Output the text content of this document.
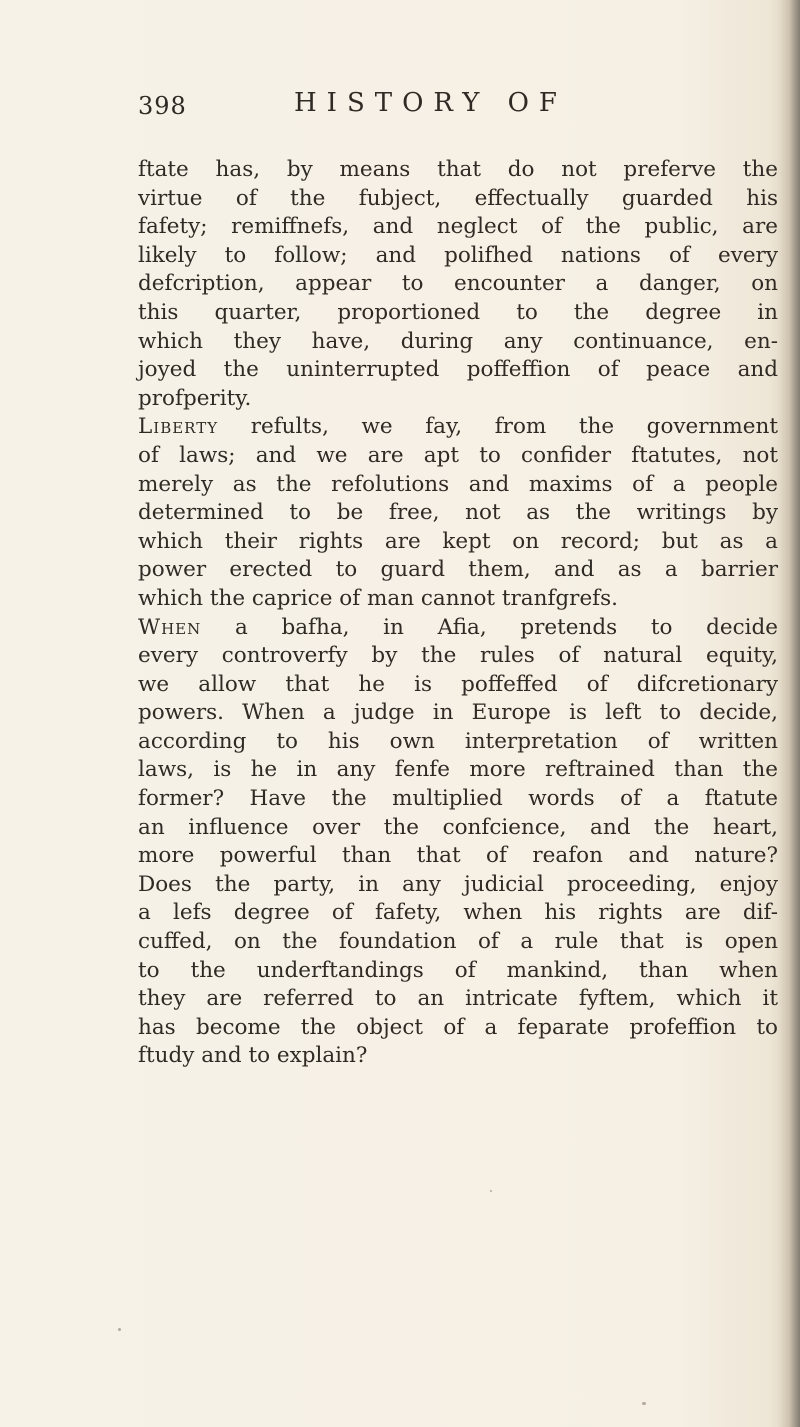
398	HISTORY OF
ftate has, by means that do not preferve the
virtue of the fubject, effectually guarded his
fafety; remiffnefs, and neglect of the public, are
likely to follow; and polifhed nations of every
defcription, appear to encounter a danger, on
this quarter, proportioned to the degree in
which they have, during any continuance, en-
joyed the uninterrupted poffeffion of peace and
profperity.
Liberty refults, we fay, from the government
of laws; and we are apt to confider ftatutes, not
merely as the refolutions and maxims of a people
determined to be free, not as the writings by
which their rights are kept on record; but as a
power erected to guard them, and as a barrier
which the caprice of man cannot tranfgrefs.
When a bafha, in Afia, pretends to decide
every controverfy by the rules of natural equity,
we allow that he is poffeffed of difcretionary
powers. When a judge in Europe is left to decide,
according to his own interpretation of written
laws, is he in any fenfe more reftrained than the
former? Have the multiplied words of a ftatute
an influence over the confcience, and the heart,
more powerful than that of reafon and nature?
Does the party, in any judicial proceeding, enjoy
a lefs degree of fafety, when his rights are dif-
cuffed, on the foundation of a rule that is open
to the underftandings of mankind, than when
they are referred to an intricate fyftem, which it
has become the object of a feparate profeffion to
ftudy and to explain?
